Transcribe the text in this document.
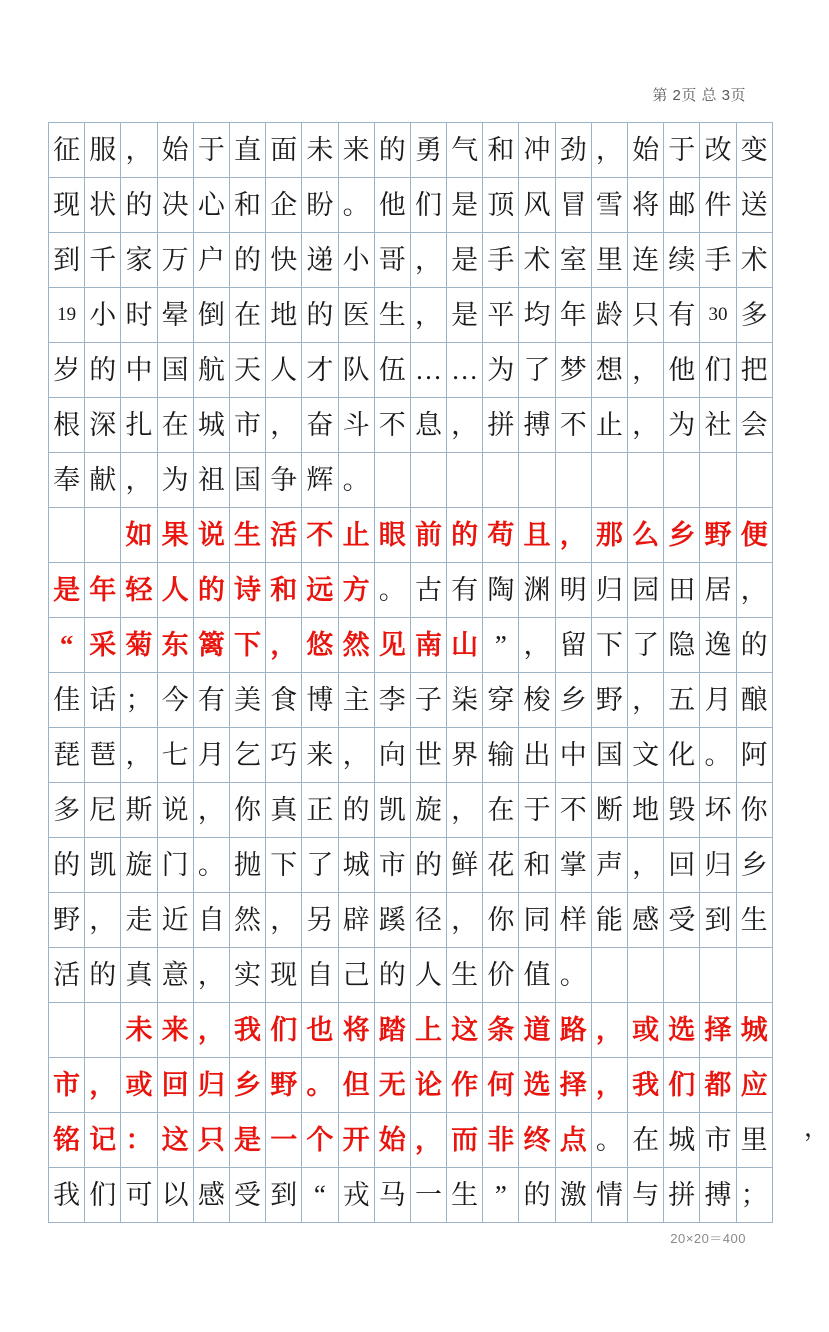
第 2页 总 3页
征	服	，	始	于	直	面	未	来	的	勇	气	和	冲	劲	，	始	于	改	变

现	状	的	决	心	和	企	盼	。	他	们	是	顶	风	冒	雪	将	邮	件	送

到	千	家	万	户	的	快	递	小	哥	，	是	手	术	室	里	连	续	手	术

19	小	时	晕	倒	在	地	的	医	生	，	是	平	均	年	龄	只	有	30	多

岁	的	中	国	航	天	人	才	队	伍	…	…	为	了	梦	想	，	他	们	把

根	深	扎	在	城	市	，	奋	斗	不	息	，	拼	搏	不	止	，	为	社	会

奉	献	，	为	祖	国	争	辉	。											

		如	果	说	生	活	不	止	眼	前	的	苟	且	，	那	么	乡	野	便

是	年	轻	人	的	诗	和	远	方	。	古	有	陶	渊	明	归	园	田	居	，

“	采	菊	东	篱	下	，	悠	然	见	南	山	”	，	留	下	了	隐	逸	的

佳	话	；	今	有	美	食	博	主	李	子	柒	穿	梭	乡	野	，	五	月	酿

琵	琶	，	七	月	乞	巧	来	，	向	世	界	输	出	中	国	文	化	。	阿

多	尼	斯	说	，	你	真	正	的	凯	旋	，	在	于	不	断	地	毁	坏	你

的	凯	旋	门	。	抛	下	了	城	市	的	鲜	花	和	掌	声	，	回	归	乡

野	，	走	近	自	然	，	另	辟	蹊	径	，	你	同	样	能	感	受	到	生

活	的	真	意	，	实	现	自	己	的	人	生	价	值	。					

		未	来	，	我	们	也	将	踏	上	这	条	道	路	，	或	选	择	城

市	，	或	回	归	乡	野	。	但	无	论	作	何	选	择	，	我	们	都	应

铭	记	：	这	只	是	一	个	开	始	，	而	非	终	点	。	在	城	市	里

我	们	可	以	感	受	到	“	戎	马	一	生	”	的	激	情	与	拼	搏	；
，
20×20＝400
